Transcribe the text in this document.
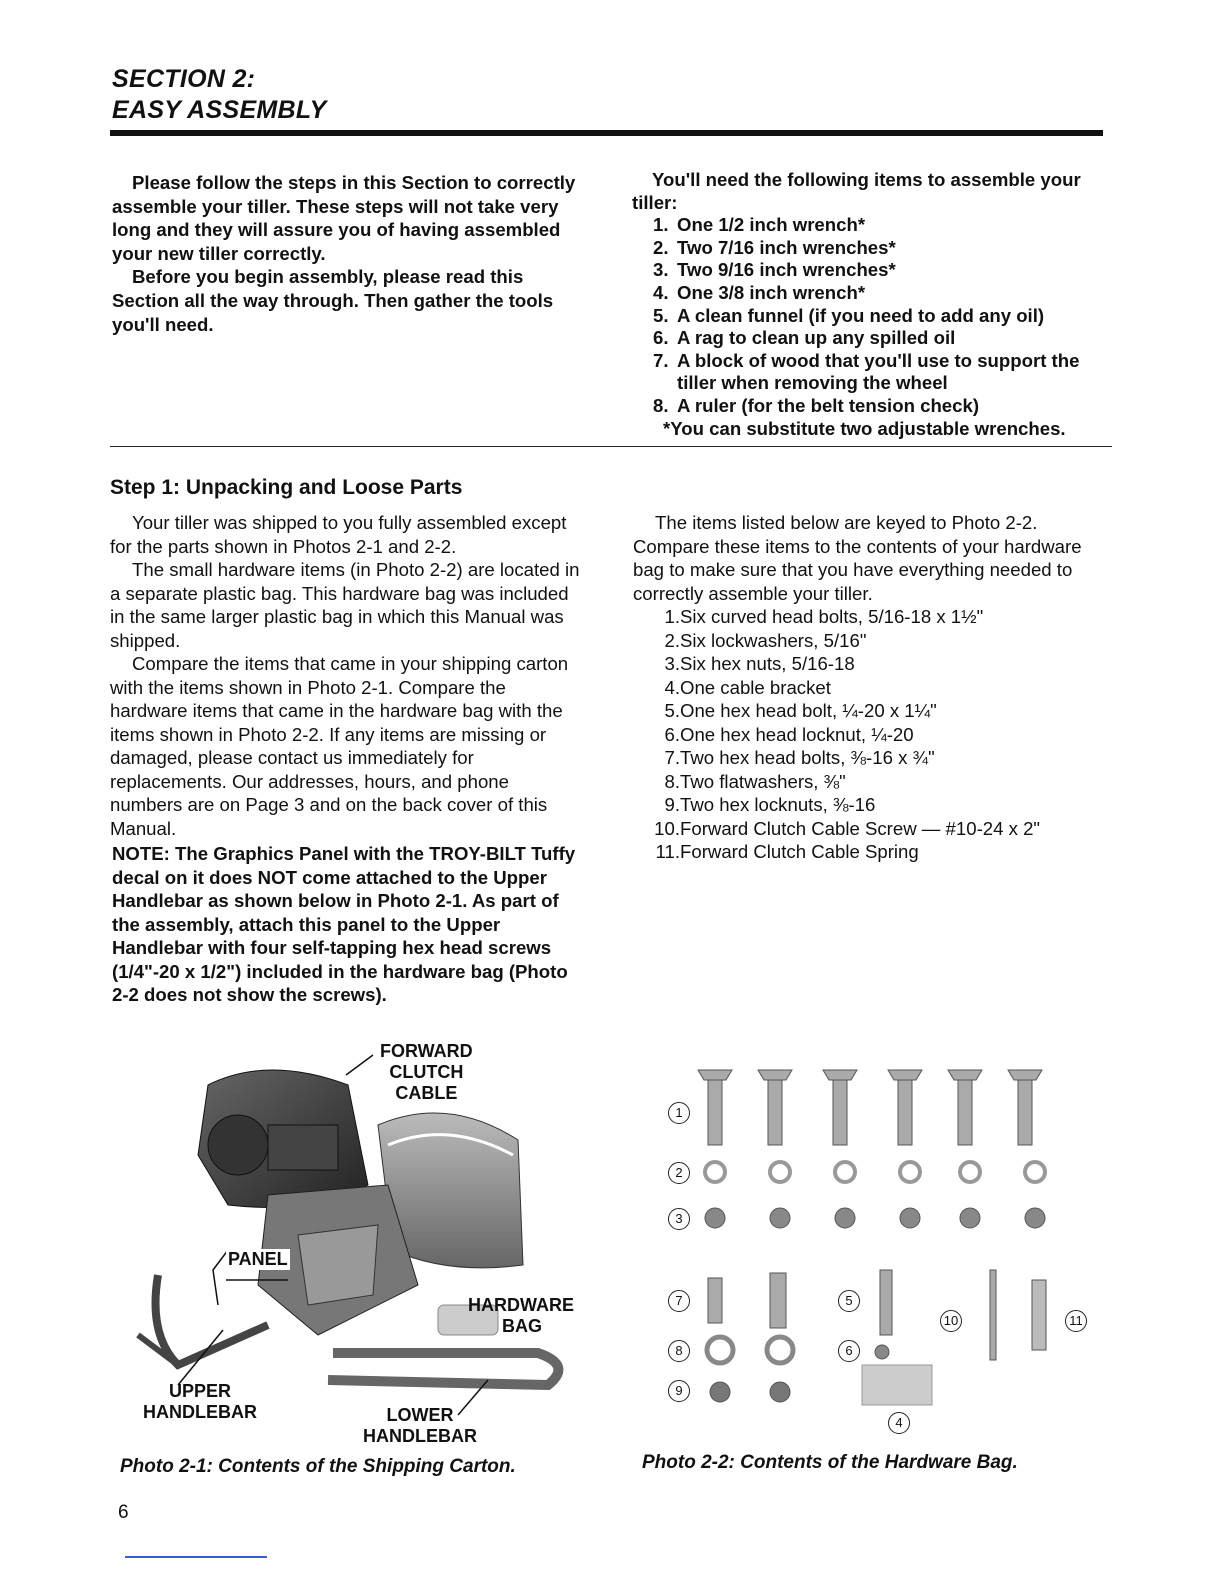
SECTION 2:
EASY ASSEMBLY

Please follow the steps in this Section to correctly assemble your tiller. These steps will not take very long and they will assure you of having assembled your new tiller correctly.

Before you begin assembly, please read this Section all the way through. Then gather the tools you'll need.

You'll need the following items to assemble your tiller:

1. One 1/2 inch wrench*
2. Two 7/16 inch wrenches*
3. Two 9/16 inch wrenches*
4. One 3/8 inch wrench*
5. A clean funnel (if you need to add any oil)
6. A rag to clean up any spilled oil
7. A block of wood that you'll use to support the tiller when removing the wheel
8. A ruler (for the belt tension check)
*You can substitute two adjustable wrenches.
Step 1: Unpacking and Loose Parts

Your tiller was shipped to you fully assembled except for the parts shown in Photos 2-1 and 2-2.

The small hardware items (in Photo 2-2) are located in a separate plastic bag. This hardware bag was included in the same larger plastic bag in which this Manual was shipped.

Compare the items that came in your shipping carton with the items shown in Photo 2-1. Compare the hardware items that came in the hardware bag with the items shown in Photo 2-2. If any items are missing or damaged, please contact us immediately for replacements. Our addresses, hours, and phone numbers are on Page 3 and on the back cover of this Manual.

NOTE: The Graphics Panel with the TROY-BILT Tuffy decal on it does NOT come attached to the Upper Handlebar as shown below in Photo 2-1. As part of the assembly, attach this panel to the Upper Handlebar with four self-tapping hex head screws (1/4"-20 x 1/2") included in the hardware bag (Photo 2-2 does not show the screws).

The items listed below are keyed to Photo 2-2. Compare these items to the contents of your hardware bag to make sure that you have everything needed to correctly assemble your tiller.

1. Six curved head bolts, 5/16-18 x 1½"
2. Six lockwashers, 5/16"
3. Six hex nuts, 5/16-18
4. One cable bracket
5. One hex head bolt, ¼-20 x 1¼"
6. One hex head locknut, ¼-20
7. Two hex head bolts, ⅜-16 x ¾"
8. Two flatwashers, ⅜"
9. Two hex locknuts, ⅜-16
10. Forward Clutch Cable Screw — #10-24 x 2"
11. Forward Clutch Cable Spring
FORWARD
CLUTCH
CABLE
PANEL
HARDWARE
BAG
UPPER
HANDLEBAR	LOWER
HANDLEBAR
Photo 2-1: Contents of the Shipping Carton.
1
2
3
7
8
9
5
6
10	11
4
Photo 2-2: Contents of the Hardware Bag.
6
